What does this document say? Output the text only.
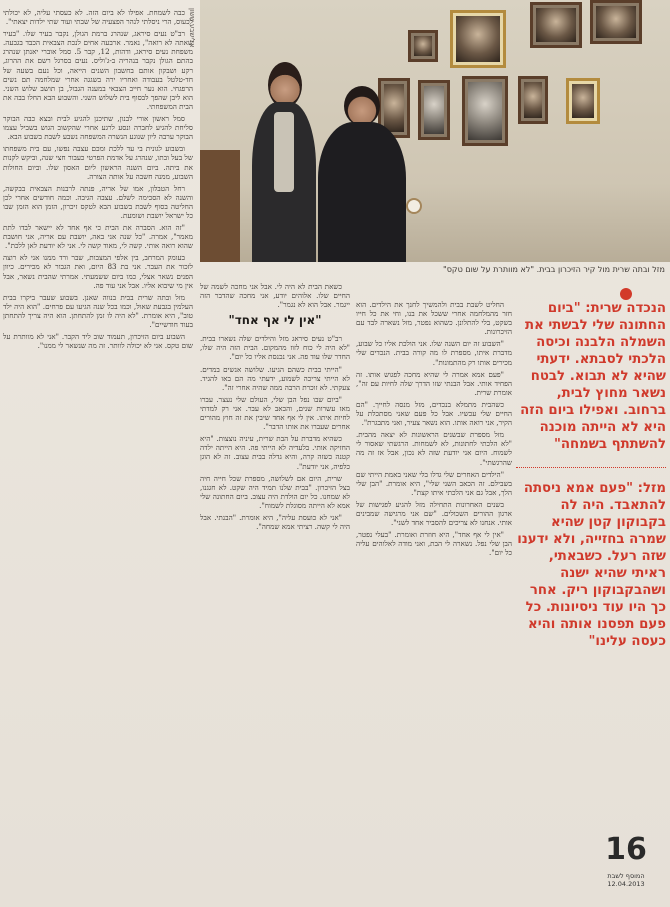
כבה לשמחת. אפילו לא ביום הזה. לא כעסתי עליה, לא יכולתי לכעוס, הרי ניסלתי לנהר הפצעיה של שבתי ועוד שתי ילדות יצאתי".

רב"ט נעים סיראג, שנהרג ברמת הגולן, נקבר בעיר שלו. "בעיר שאתה לא רואה", נאמר. ארבעה אחים לנכת הצבאית הכבד בגבעה. משפחת נעים סיראג, ודהות, 12, קבר 5. סמל אוברי יאנתן שנהרג בהתם הגולן נקבר בנהריה ב-ג'וליס. נעים בסרגל רשם את ההרוג, רקע ושבקון אותם בחשבון השנים הייאה, וכל נעם בשעה של חד-טלטל בעבודה ואחריו ירה בשגגה אחרי שמלחמה תם נשים הרפגחי. הוא נער חייב הצבאי במענה הגבול, בן תושב שלוש השני. הוא ליבן שהפך לבסוף בית לשלוש השני. והשבוע הבא החלו בבה את הבית המשפחתי.

סמל ראשון אורי לבנון, שתיכנן להגיע לבית ובצא כבה הבוקר סליחת להגיע לחברה ונסע לרגע אחרי שהקשוב הגוש בשביל עצמו הבוקר ערבה ליון שנוגע הנשרה המשפחה נשבע לשבת בשבוע הבא.

ובשבוע לגונית בי עד ללכת ומכם עצבה נפשו, עם בית משפחתו של בעל ובתו, שנהרג על אדמת הפרטי כעבור חצי שנה, וביקש לקנות את ביתה. ביום השנה הראשון ליום האסון שלו. וביום החולות השבוע, ממנה חשבה על אותה הצורה.

רחל הטבלון, אמו של אריה, פנתה לרבנות הצבאית בבקשה, והשנה לא הסכימה לשלם. עצבה הגיבה. וכמה חודשים אחרי לכן החליטה בסוף לשבת בשבוע הבא לטקס זיכרון, הזמן הוא הזמן שבו כל ישראל יושבת ושומעת.

"זה הוא. הסברה את הבית כי אף אחד לא יישאר לבדו לתת מאמר", אמרה. "כל שנה אני באה, יושבת עם אריה, אני חושבת שהוא רואה אותי. קשה לי, מאוד קשה לי. אני לא יודעת לאן ללכת".

בעומק המרחב, בין אלפי המצבות, שבר ורד ממנו אני לא רוצה לזכור את העבר. אני בת 83 היום, ואת הגבור לא מכירים. כיוון הפנים נשאר אצלי, כמו ביום ששמעתי. אמרתי שהבית נשאר, אבל אין מי שיבוא אליו. אבל אני עוד פה.

מזל ובתה שרית בבית בנווה שאנן. בשבוע שעבר ביקרו בבית העלמין בגבעת שאול, וכמו בכל שנה הגיעו עם פרחים. "הוא היה ילד טוב", היא אומרת. "לא היה לו זמן להתחתן. הוא היה צריך להתחתן בעוד חודשיים".

השבוע ביום הזיכרון, תעמוד שוב ליד הקבר. "אני לא מוותרת על שום טקס. אני לא יכולה לוותר. זה מה שנשאר לי ממנו".

אלישבע ששון
מזל ובתה שרית מול קיר הזיכרון בבית. "לא מוותרת על שום טקס"

כשאת הבית לא היה לי. אבל אני מחכה לשמה של החיים שלו. אלוהים יודע, אני מחכה שהדבר הזה ייגמר. אבל הוא לא נגמר".

"אין לי אף אחד"

רב"ט נעים סיראג מזל והילדים שלה נשארו בבית. "לא היה לי כוח לזוז מהמקום. הבית הזה היה שלו, החדר שלו עוד פה. אני נכנסת אליו כל יום".

"הייתי בבית כשהם הגיעו. שלושה אנשים במדים. לא הייתי צריכה לשמוע, ידעתי מה הם באו להגיד. צעקתי. לא זוכרת הרבה ממה שהיה אחרי זה".

"ביום שבו נפל הבן שלי, העולם שלי נעצר. עברו מאז עשרות שנים, והכאב לא עבר. אני רק למדתי לחיות איתו. אין לי אף אחד שיבין את זה חוץ מהורים אחרים שעברו את אותו הדבר".

כשהיא מדברת על הבת שרית, עיניה נוצצות. "היא החזיקה אותי. בלעדיה לא הייתי פה. היא הייתה ילדה קטנה כשזה קרה, והיא גדלה בבית עצוב. זה לא הוגן כלפיה, אני יודעת".

שרית, היום אם לשלושה, מספרת שכל חייה חיה בצל הזיכרון. "בבית שלנו תמיד היה שקט. לא חגגנו, לא שמחנו. כל יום הולדת היה עצוב. ביום החתונה שלי אמא לא הייתה מסוגלת לשמוח".

"אני לא כועסת עליה", היא אומרת. "הבנתי. אבל היה לי קשה. רציתי אמא שמחה".

החליט לשבת בבית ולהמשיך לחנך את הילדים. הוא חזר מהמלחמה אחרי ששכל את בנו, וחי את כל חייו בשקט, בלי להתלונן. כשהוא נפטר, מזל נשארה לבד עם הזיכרונות.

"השבוע זה יום השנה שלו. אני הולכת אליו כל שבוע, מדברת איתו, מספרת לו מה קורה בבית. הנכדים שלי מכירים אותו רק מהתמונות".

"פעם אמא אמרה לי שהיא מחכה לפגוש אותו. זה הפחיד אותי. אבל הבנתי שזו הדרך שלה לחיות עם זה", אומרת שרית.

כשהבית מתמלא בנכדים, מזל מנסה לחייך. "הם החיים שלי עכשיו. אבל כל פעם שאני מסתכלת על הקיר, אני רואה אותו. הוא נשאר צעיר, ואני מתבגרת".

מזל מספרת שבשנים הראשונות לא יצאה מהבית. "לא הלכתי לחתונות, לא לשמחות. הרגשתי שאסור לי לשמוח. היום אני יודעת שזה לא נכון, אבל אז זה מה שהרגשתי".

"הילדים האחרים שלי גדלו בלי שאני באמת הייתי שם בשבילם. זה הכאב השני שלי", היא אומרת. "הבן שלי הלך, אבל גם אני הלכתי איתו קצת".

בשנים האחרונות התחילה מזל להגיע לפגישות של ארגון ההורים השכולים. "שם אני מרגישה שמבינים אותי. אנחנו לא צריכים להסביר אחד לשני".

"אין לי אף אחד", היא חוזרת ואומרת. "בעלי נפטר, הבן שלי נפל. נשארה לי הבת, ואני מודה לאלוהים עליה כל יום".

הנכדה שרית: "ביום החתונה שלי לבשתי את השמלה הלבנה וכיסה הלכתי לסבתא. ידעתי שהיא לא תבוא. לבטח נשאר מחוץ לבית, ברחוב. ואפילו ביום הזה היא לא הייתה מוכנה להשתתף בשמחה"
מזל: "פעם אמא ניסתה להתאבד. היה לה בקבוקון קטן שהיא שמרה בחזייה, ולא ידענו שזה רעל. כשבאתי, ראיתי שהיא ישנה ושהבקבוקון ריק. אחר כך היו עוד ניסיונות. כל פעם תפסנו אותה והיא כעסה עלינו"
16
המוסף לשבת
12.04.2013
